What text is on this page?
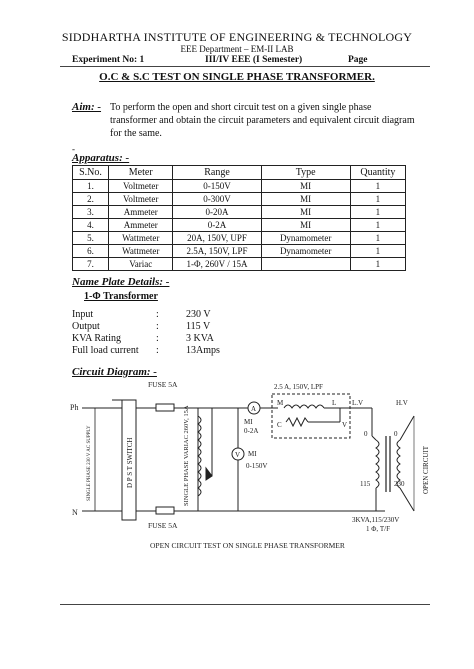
SIDDHARTHA INSTITUTE OF ENGINEERING & TECHNOLOGY
EEE Department – EM-II LAB
Experiment No: 1	III/IV EEE (I Semester)	Page
O.C & S.C TEST ON SINGLE PHASE TRANSFORMER.
Aim: - To perform the open and short circuit test on a given single phase transformer and obtain the circuit parameters and equivalent circuit diagram for the same.
-
Apparatus: -
S.No.	Meter	Range	Type	Quantity
1.	Voltmeter	0-150V	MI	1
2.	Voltmeter	0-300V	MI	1
3.	Ammeter	0-20A	MI	1
4.	Ammeter	0-2A	MI	1
5.	Wattmeter	20A, 150V, UPF	Dynamometer	1
6.	Wattmeter	2.5A, 150V, LPF	Dynamometer	1
7.	Variac	1-Φ, 260V / 15A		1
Name Plate Details: -
1-Φ Transformer
Input	:	230 V
Output	:	115 V
KVA Rating	:	3 KVA
Full load current :	13Amps
Circuit Diagram: -
Ph
N
SINGLE PHASE 230 V AC SUPPLY	D P S T SWITCH
FUSE 5A
FUSE 5A
SINGLE PHASE VARIAC 260V, 15A	A
MI
0-2A
2.5 A, 150V, LPF
M	L
C	V
V MI
0-150V
L.V	H.V
0
115
0
230	OPEN CIRCUIT
3KVA,115/230V
1 Φ, T/F
OPEN CIRCUIT TEST ON SINGLE PHASE TRANSFORMER
